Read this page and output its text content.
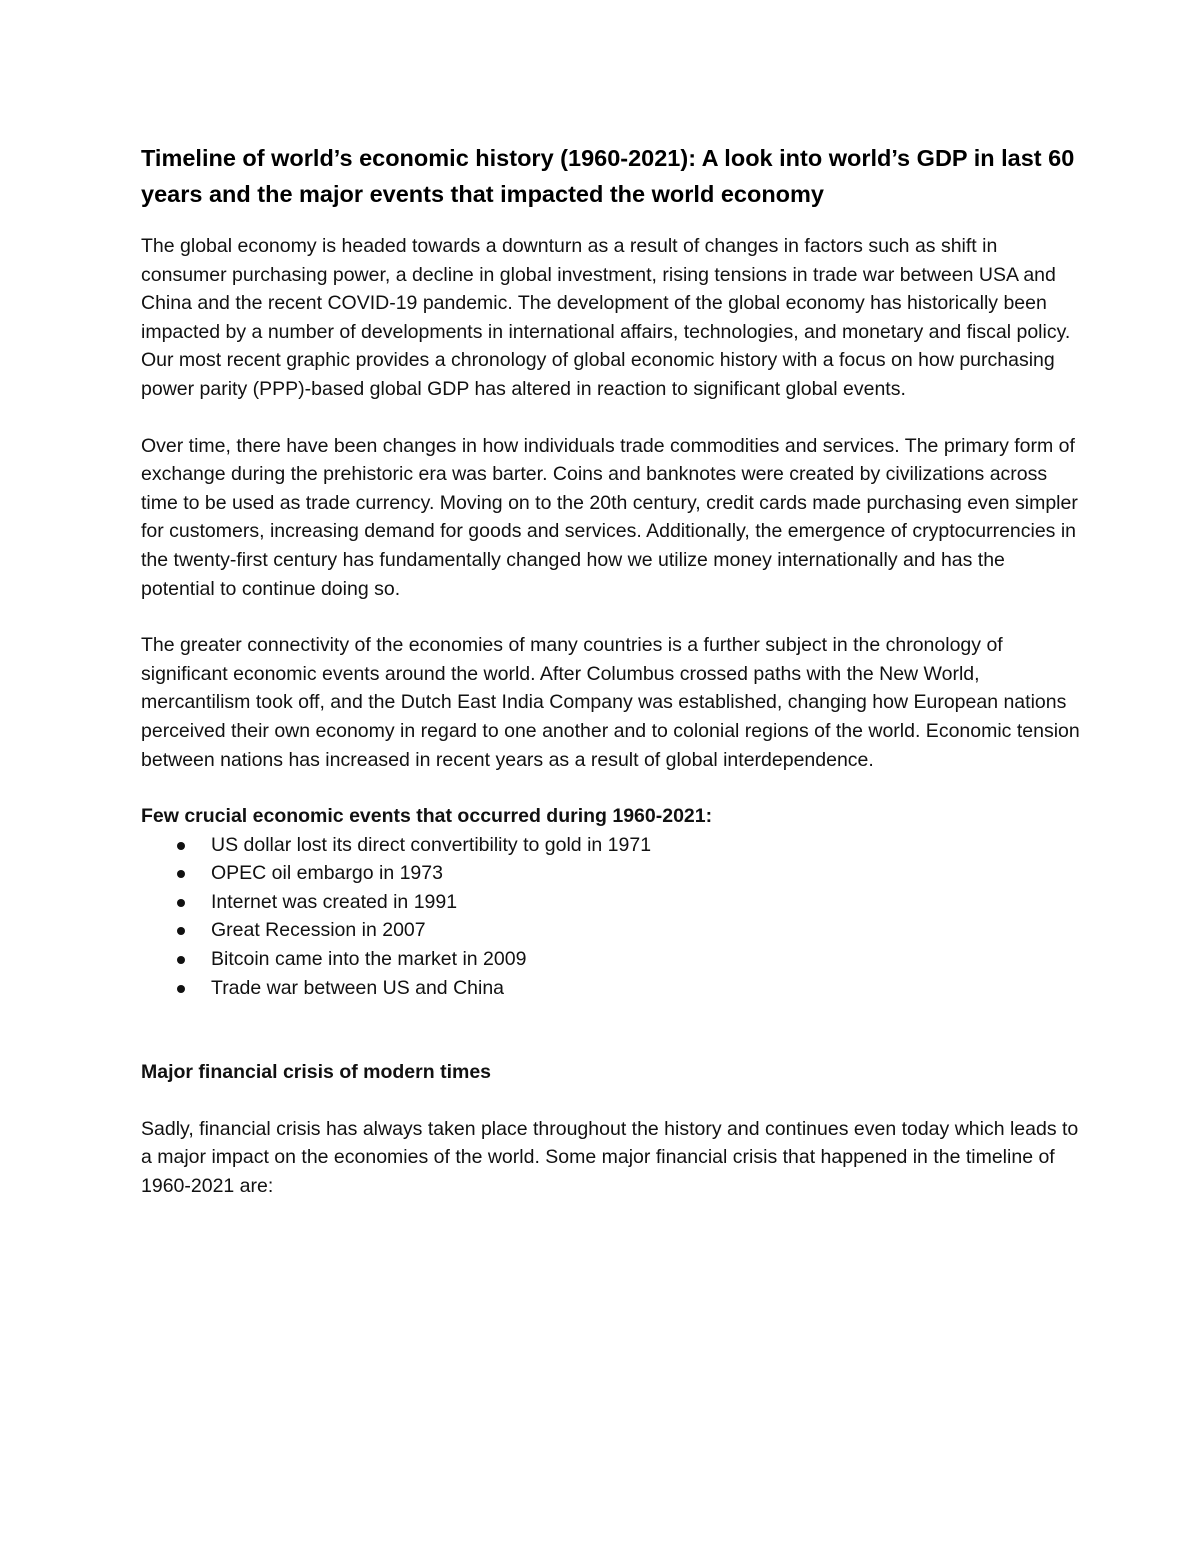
Timeline of world’s economic history (1960-2021): A look into world’s GDP in last 60 years and the major events that impacted the world economy

The global economy is headed towards a downturn as a result of changes in factors such as shift in consumer purchasing power, a decline in global investment, rising tensions in trade war between USA and China and the recent COVID-19 pandemic. The development of the global economy has historically been impacted by a number of developments in international affairs, technologies, and monetary and fiscal policy. Our most recent graphic provides a chronology of global economic history with a focus on how purchasing power parity (PPP)-based global GDP has altered in reaction to significant global events.

Over time, there have been changes in how individuals trade commodities and services. The primary form of exchange during the prehistoric era was barter. Coins and banknotes were created by civilizations across time to be used as trade currency. Moving on to the 20th century, credit cards made purchasing even simpler for customers, increasing demand for goods and services. Additionally, the emergence of cryptocurrencies in the twenty-first century has fundamentally changed how we utilize money internationally and has the potential to continue doing so.

The greater connectivity of the economies of many countries is a further subject in the chronology of significant economic events around the world. After Columbus crossed paths with the New World, mercantilism took off, and the Dutch East India Company was established, changing how European nations perceived their own economy in regard to one another and to colonial regions of the world. Economic tension between nations has increased in recent years as a result of global interdependence.

Few crucial economic events that occurred during 1960-2021:

US dollar lost its direct convertibility to gold in 1971
OPEC oil embargo in 1973
Internet was created in 1991
Great Recession in 2007
Bitcoin came into the market in 2009
Trade war between US and China

Major financial crisis of modern times

Sadly, financial crisis has always taken place throughout the history and continues even today which leads to a major impact on the economies of the world. Some major financial crisis that happened in the timeline of 1960-2021 are:
